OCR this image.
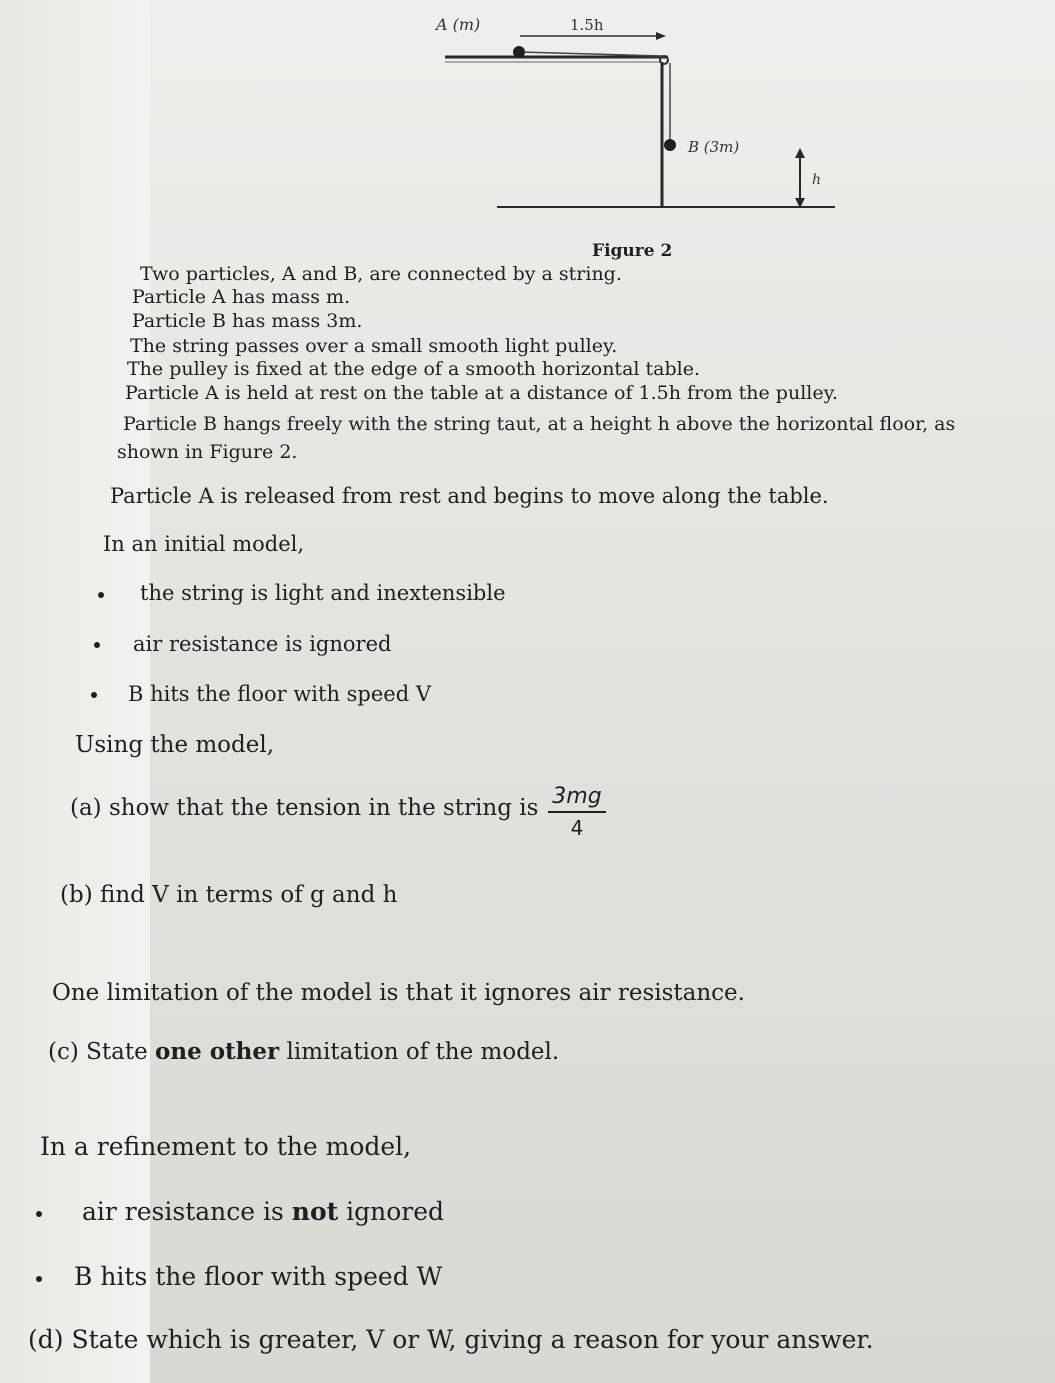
A (m)	1.5h
B (3m)
h
Figure 2
Two particles, A and B, are connected by a string.
Particle A has mass m.
Particle B has mass 3m.
The string passes over a small smooth light pulley.
The pulley is fixed at the edge of a smooth horizontal table.
Particle A is held at rest on the table at a distance of 1.5h from the pulley.
Particle B hangs freely with the string taut, at a height h above the horizontal floor, as
shown in Figure 2.
Particle A is released from rest and begins to move along the table.
In an initial model,
the string is light and inextensible
air resistance is ignored
B hits the floor with speed V
Using the model,
(a) show that the tension in the string is $\frac{3mg}{4}$
(b) find V in terms of g and h
One limitation of the model is that it ignores air resistance.
(c) State one other limitation of the model.
In a refinement to the model,
air resistance is not ignored
B hits the floor with speed W
(d) State which is greater, V or W, giving a reason for your answer.
